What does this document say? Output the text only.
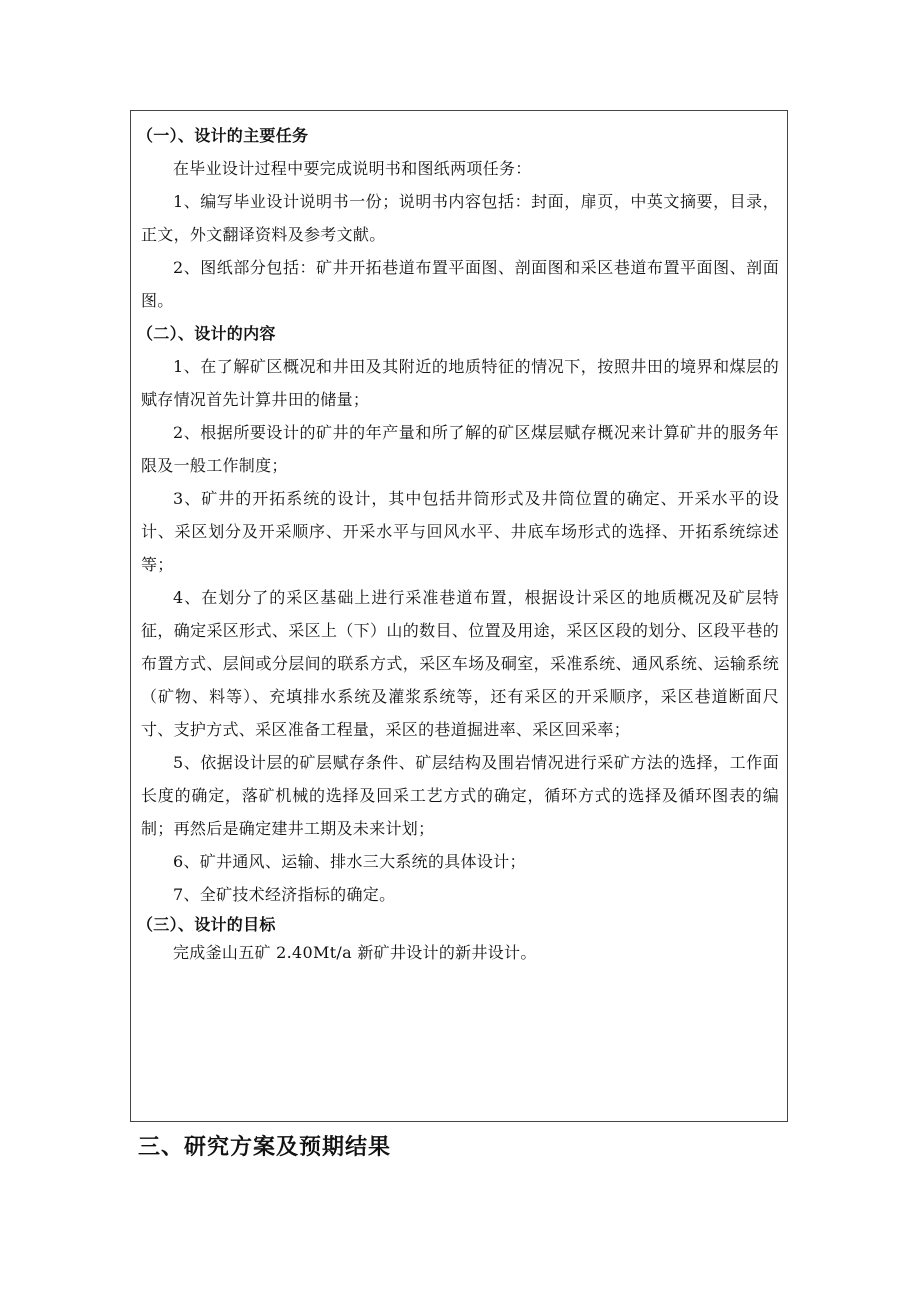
（一）、设计的主要任务
在毕业设计过程中要完成说明书和图纸两项任务：
1、编写毕业设计说明书一份；说明书内容包括：封面，扉页，中英文摘要，目录，正文，外文翻译资料及参考文献。
2、图纸部分包括：矿井开拓巷道布置平面图、剖面图和采区巷道布置平面图、剖面图。
（二）、设计的内容
1、在了解矿区概况和井田及其附近的地质特征的情况下，按照井田的境界和煤层的赋存情况首先计算井田的储量；
2、根据所要设计的矿井的年产量和所了解的矿区煤层赋存概况来计算矿井的服务年限及一般工作制度；
3、矿井的开拓系统的设计，其中包括井筒形式及井筒位置的确定、开采水平的设计、采区划分及开采顺序、开采水平与回风水平、井底车场形式的选择、开拓系统综述等；
4、在划分了的采区基础上进行采准巷道布置，根据设计采区的地质概况及矿层特征，确定采区形式、采区上（下）山的数目、位置及用途，采区区段的划分、区段平巷的布置方式、层间或分层间的联系方式，采区车场及硐室，采准系统、通风系统、运输系统（矿物、料等）、充填排水系统及灌浆系统等，还有采区的开采顺序，采区巷道断面尺寸、支护方式、采区准备工程量，采区的巷道掘进率、采区回采率；
5、依据设计层的矿层赋存条件、矿层结构及围岩情况进行采矿方法的选择，工作面长度的确定，落矿机械的选择及回采工艺方式的确定，循环方式的选择及循环图表的编制；再然后是确定建井工期及未来计划；
6、矿井通风、运输、排水三大系统的具体设计；
7、全矿技术经济指标的确定。
（三）、设计的目标
完成釜山五矿 2.40Mt/a 新矿井设计的新井设计。
三、研究方案及预期结果
